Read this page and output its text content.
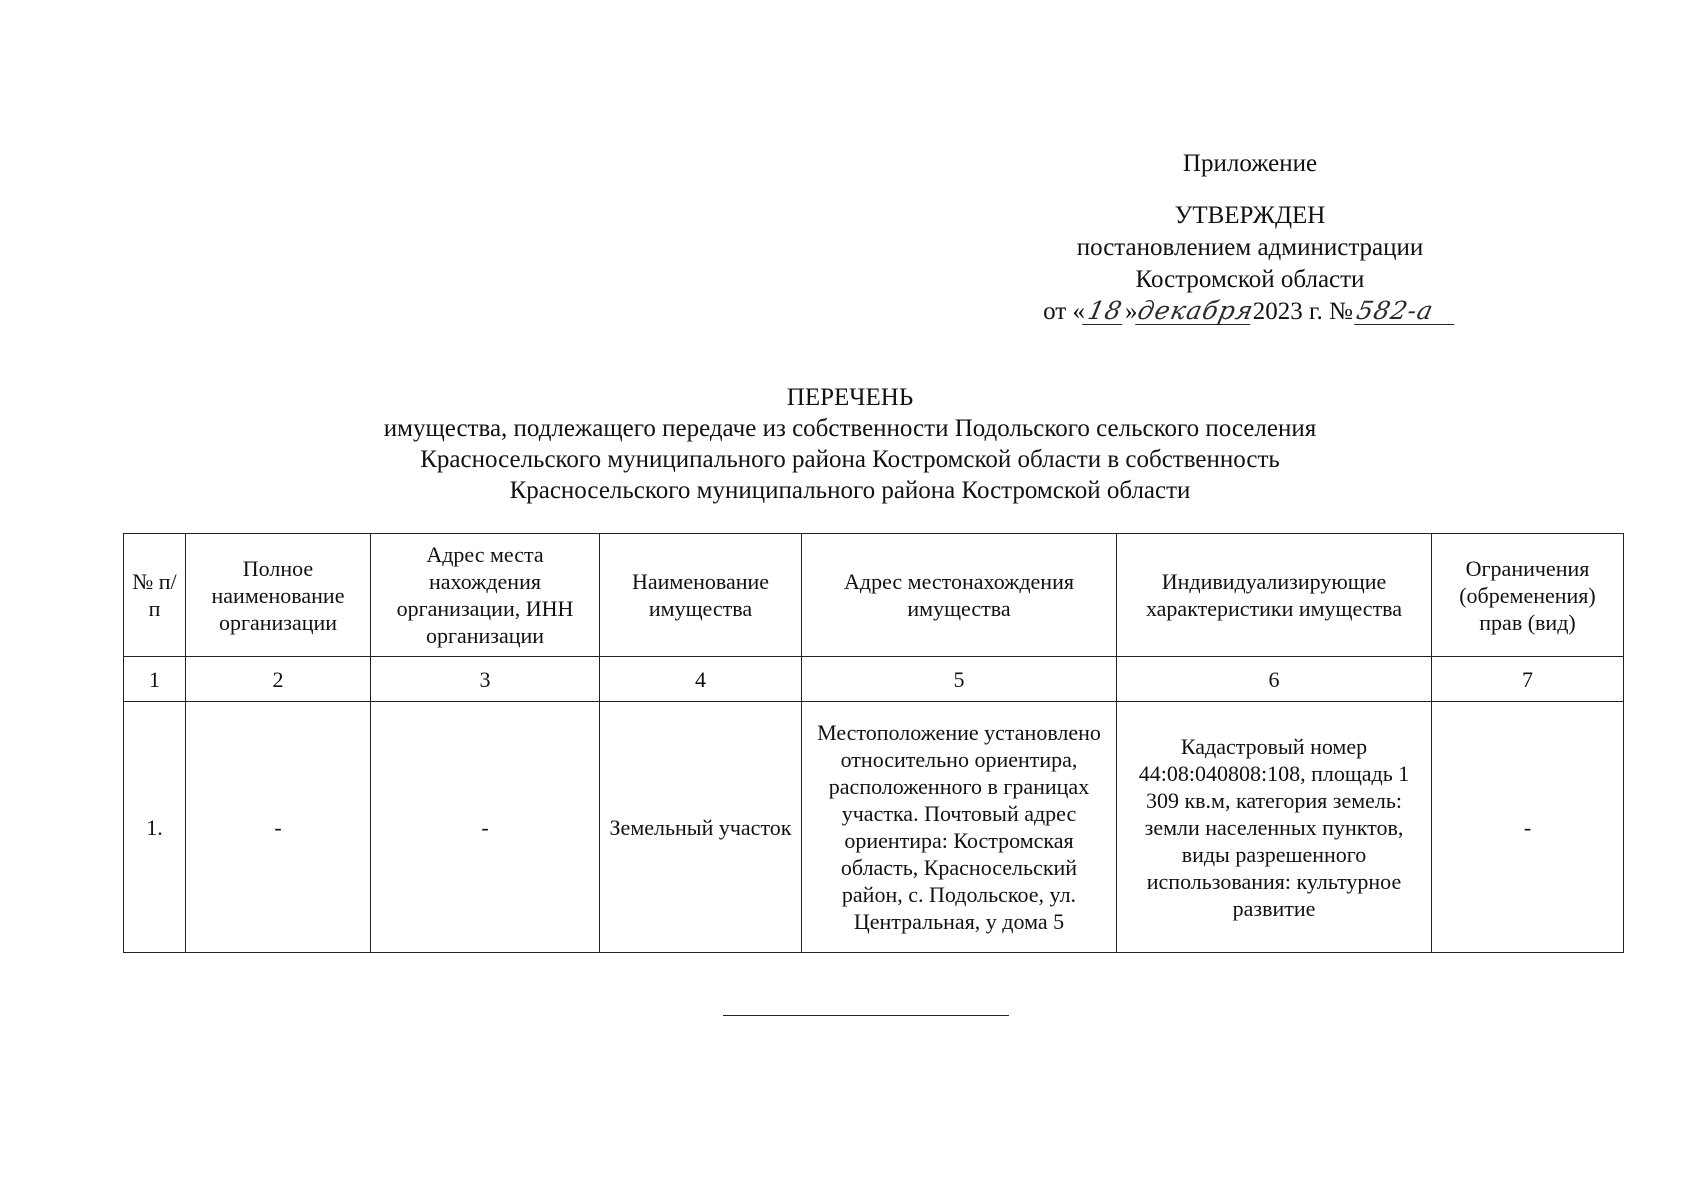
Приложение
УТВЕРЖДЕН
постановлением администрации
Костромской области
от «18»декабря2023 г. №582-а
ПЕРЕЧЕНЬ
имущества, подлежащего передаче из собственности Подольского сельского поселения
Красносельского муниципального района Костромской области в собственность
Красносельского муниципального района Костромской области
№ п/п	Полное наименование организации	Адрес места нахождения организации, ИНН организации	Наименование имущества	Адрес местонахождения имущества	Индивидуализирующие характеристики имущества	Ограничения (обременения) прав (вид)
1	2	3	4	5	6	7
1.	-	-	Земельный участок	Местоположение установлено относительно ориентира, расположенного в границах участка. Почтовый адрес ориентира: Костромская область, Красносельский район, с. Подольское, ул. Центральная, у дома 5	Кадастровый номер 44:08:040808:108, площадь 1 309 кв.м, категория земель: земли населенных пунктов, виды разрешенного использования: культурное развитие	-
